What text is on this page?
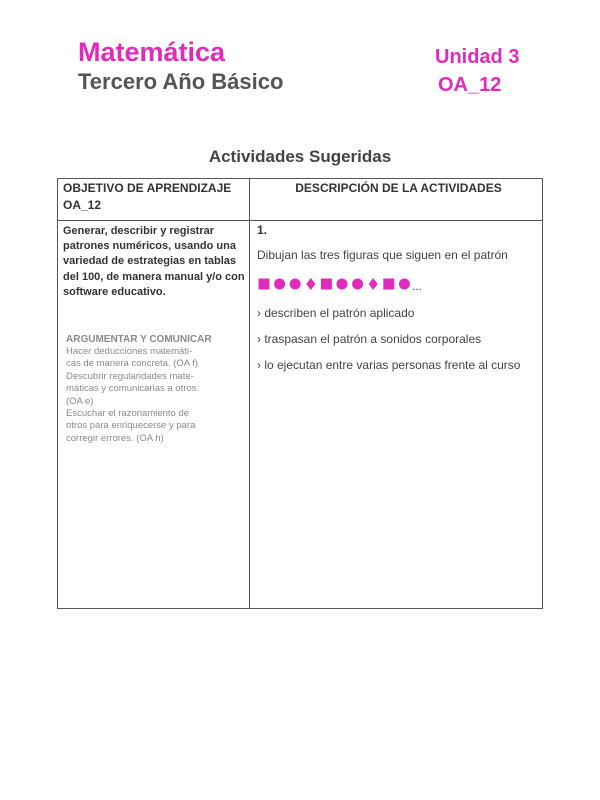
Matemática
Tercero Año Básico
Unidad 3
OA_12
Actividades Sugeridas
OBJETIVO DE APRENDIZAJE OA_12
DESCRIPCIÓN DE LA ACTIVIDADES

Generar, describir y registrar patrones numéricos, usando una variedad de estrategias en tablas del 100, de manera manual y/o con software educativo.

ARGUMENTAR Y COMUNICAR
Hacer deducciones matemáti-
cas de manera concreta. (OA f)
Descubrir regularidades mate-
máticas y comunicarlas a otros.
(OA e)
Escuchar el razonamiento de
otros para enriquecerse y para
corregir errores. (OA h)
1.
Dibujan las tres figuras que siguen en el patrón
...
› describen el patrón aplicado
› traspasan el patrón a sonidos corporales
› lo ejecutan entre varias personas frente al curso
